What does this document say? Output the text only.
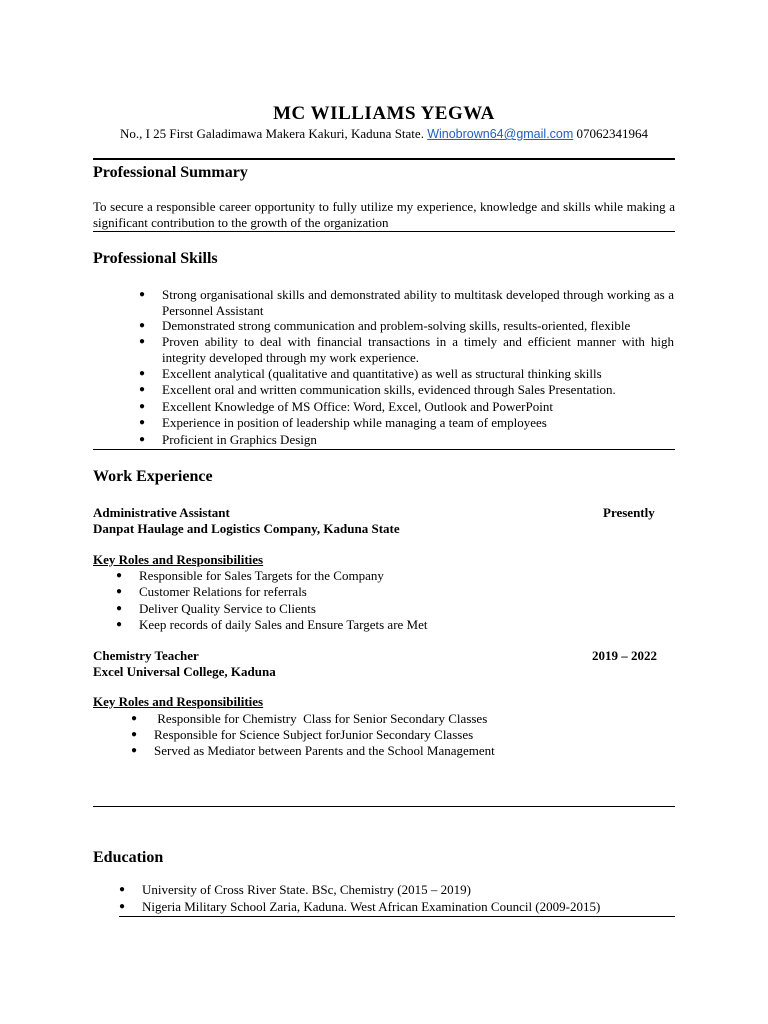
MC WILLIAMS YEGWA
No., I 25 First Galadimawa Makera Kakuri, Kaduna State. Winobrown64@gmail.com 07062341964
Professional Summary
To secure a responsible career opportunity to fully utilize my experience, knowledge and skills while making a significant contribution to the growth of the organization
Professional Skills
● Strong organisational skills and demonstrated ability to multitask developed through working as a Personnel Assistant
● Demonstrated strong communication and problem-solving skills, results-oriented, flexible
● Proven ability to deal with financial transactions in a timely and efficient manner with high integrity developed through my work experience.
● Excellent analytical (qualitative and quantitative) as well as structural thinking skills
● Excellent oral and written communication skills, evidenced through Sales Presentation.
● Excellent Knowledge of MS Office: Word, Excel, Outlook and PowerPoint
● Experience in position of leadership while managing a team of employees
● Proficient in Graphics Design
Work Experience
Administrative Assistant	Presently
Danpat Haulage and Logistics Company, Kaduna State
Key Roles and Responsibilities
● Responsible for Sales Targets for the Company
● Customer Relations for referrals
● Deliver Quality Service to Clients
● Keep records of daily Sales and Ensure Targets are Met
Chemistry Teacher	2019 – 2022
Excel Universal College, Kaduna
Key Roles and Responsibilities
● Responsible for Chemistry  Class for Senior Secondary Classes
● Responsible for Science Subject forJunior Secondary Classes
● Served as Mediator between Parents and the School Management
Education
● University of Cross River State. BSc, Chemistry (2015 – 2019)
● Nigeria Military School Zaria, Kaduna. West African Examination Council (2009-2015)
